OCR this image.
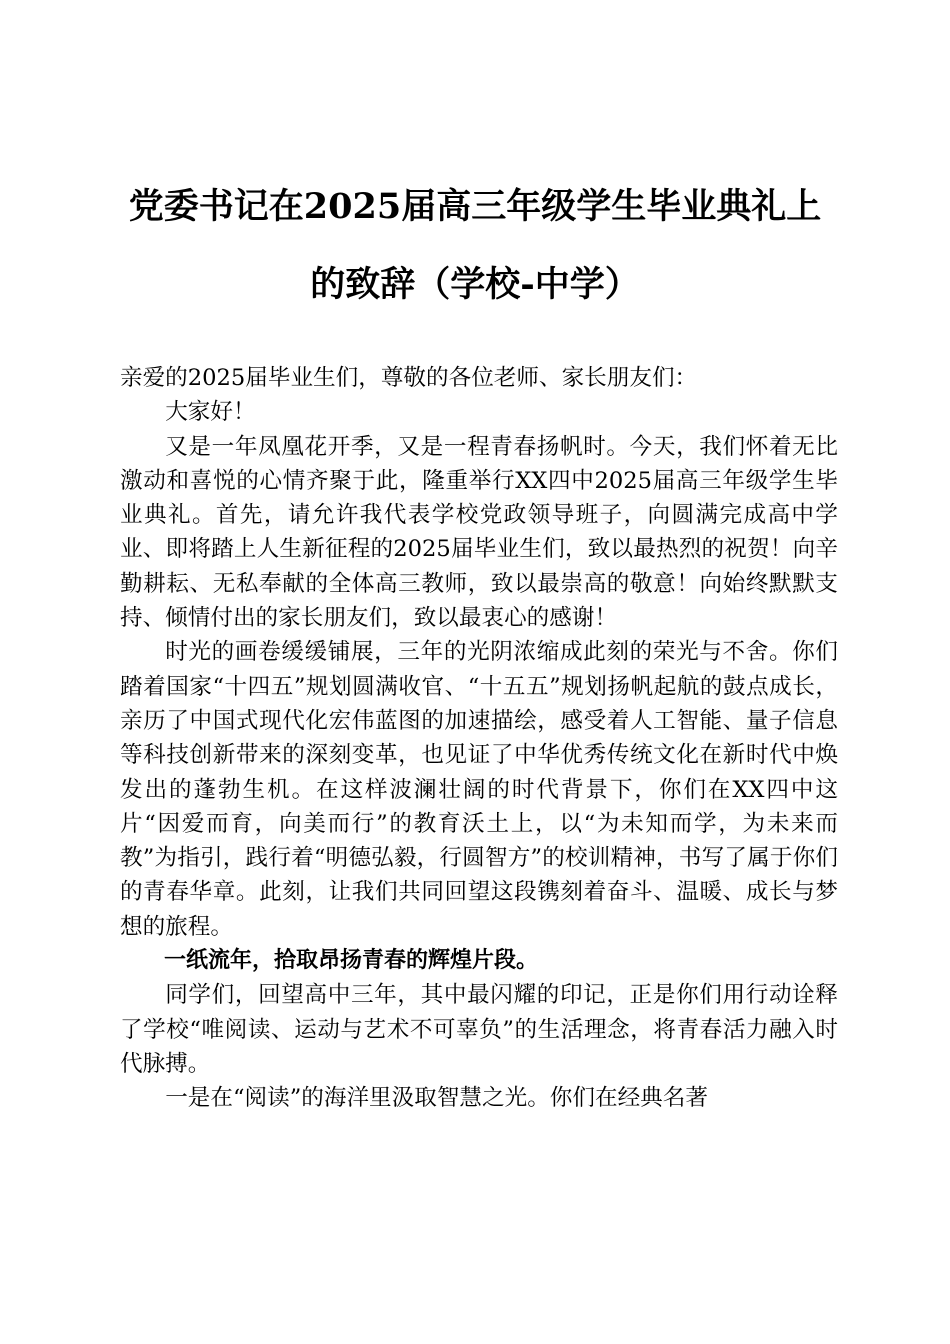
党委书记在2025届高三年级学生毕业典礼上
的致辞（学校-中学）

亲爱的2025届毕业生们，尊敬的各位老师、家长朋友们：

大家好！

又是一年凤凰花开季，又是一程青春扬帆时。今天，我们怀着无比激动和喜悦的心情齐聚于此，隆重举行XX四中2025届高三年级学生毕业典礼。首先，请允许我代表学校党政领导班子，向圆满完成高中学业、即将踏上人生新征程的2025届毕业生们，致以最热烈的祝贺！向辛勤耕耘、无私奉献的全体高三教师，致以最崇高的敬意！向始终默默支持、倾情付出的家长朋友们，致以最衷心的感谢！

时光的画卷缓缓铺展，三年的光阴浓缩成此刻的荣光与不舍。你们踏着国家“十四五”规划圆满收官、“十五五”规划扬帆起航的鼓点成长，亲历了中国式现代化宏伟蓝图的加速描绘，感受着人工智能、量子信息等科技创新带来的深刻变革，也见证了中华优秀传统文化在新时代中焕发出的蓬勃生机。在这样波澜壮阔的时代背景下，你们在XX四中这片“因爱而育，向美而行”的教育沃土上，以“为未知而学，为未来而教”为指引，践行着“明德弘毅，行圆智方”的校训精神，书写了属于你们的青春华章。此刻，让我们共同回望这段镌刻着奋斗、温暖、成长与梦想的旅程。

一纸流年，拾取昂扬青春的辉煌片段。

同学们，回望高中三年，其中最闪耀的印记，正是你们用行动诠释了学校“唯阅读、运动与艺术不可辜负”的生活理念，将青春活力融入时代脉搏。

一是在“阅读”的海洋里汲取智慧之光。你们在经典名著
